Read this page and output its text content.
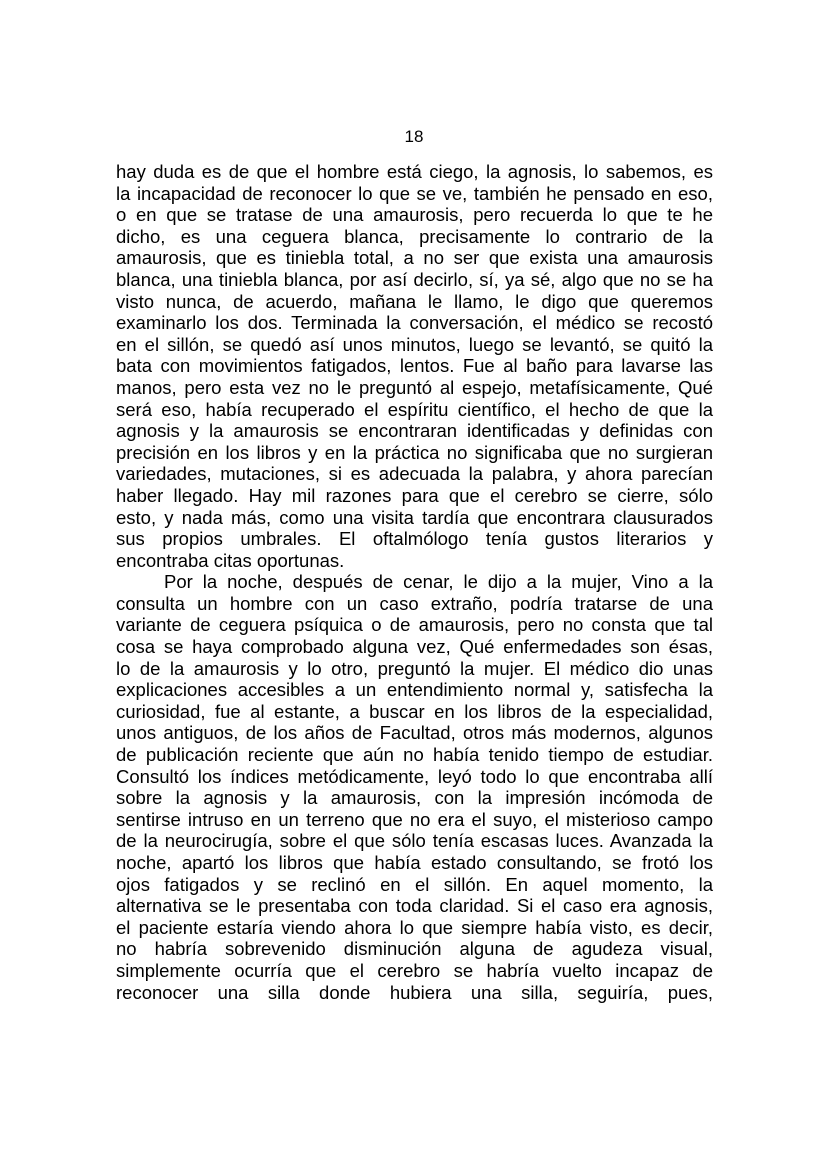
18
hay duda es de que el hombre está ciego, la agnosis, lo sabemos, es
la incapacidad de reconocer lo que se ve, también he pensado en eso,
o en que se tratase de una amaurosis, pero recuerda lo que te he
dicho, es una ceguera blanca, precisamente lo contrario de la
amaurosis, que es tiniebla total, a no ser que exista una amaurosis
blanca, una tiniebla blanca, por así decirlo, sí, ya sé, algo que no se ha
visto nunca, de acuerdo, mañana le llamo, le digo que queremos
examinarlo los dos. Terminada la conversación, el médico se recostó
en el sillón, se quedó así unos minutos, luego se levantó, se quitó la
bata con movimientos fatigados, lentos. Fue al baño para lavarse las
manos, pero esta vez no le preguntó al espejo, metafísicamente, Qué
será eso, había recuperado el espíritu científico, el hecho de que la
agnosis y la amaurosis se encontraran identificadas y definidas con
precisión en los libros y en la práctica no significaba que no surgieran
variedades, mutaciones, si es adecuada la palabra, y ahora parecían
haber llegado. Hay mil razones para que el cerebro se cierre, sólo
esto, y nada más, como una visita tardía que encontrara clausurados
sus propios umbrales. El oftalmólogo tenía gustos literarios y
encontraba citas oportunas.
Por la noche, después de cenar, le dijo a la mujer, Vino a la
consulta un hombre con un caso extraño, podría tratarse de una
variante de ceguera psíquica o de amaurosis, pero no consta que tal
cosa se haya comprobado alguna vez, Qué enfermedades son ésas,
lo de la amaurosis y lo otro, preguntó la mujer. El médico dio unas
explicaciones accesibles a un entendimiento normal y, satisfecha la
curiosidad, fue al estante, a buscar en los libros de la especialidad,
unos antiguos, de los años de Facultad, otros más modernos, algunos
de publicación reciente que aún no había tenido tiempo de estudiar.
Consultó los índices metódicamente, leyó todo lo que encontraba allí
sobre la agnosis y la amaurosis, con la impresión incómoda de
sentirse intruso en un terreno que no era el suyo, el misterioso campo
de la neurocirugía, sobre el que sólo tenía escasas luces. Avanzada la
noche, apartó los libros que había estado consultando, se frotó los
ojos fatigados y se reclinó en el sillón. En aquel momento, la
alternativa se le presentaba con toda claridad. Si el caso era agnosis,
el paciente estaría viendo ahora lo que siempre había visto, es decir,
no habría sobrevenido disminución alguna de agudeza visual,
simplemente ocurría que el cerebro se habría vuelto incapaz de
reconocer una silla donde hubiera una silla, seguiría, pues,
